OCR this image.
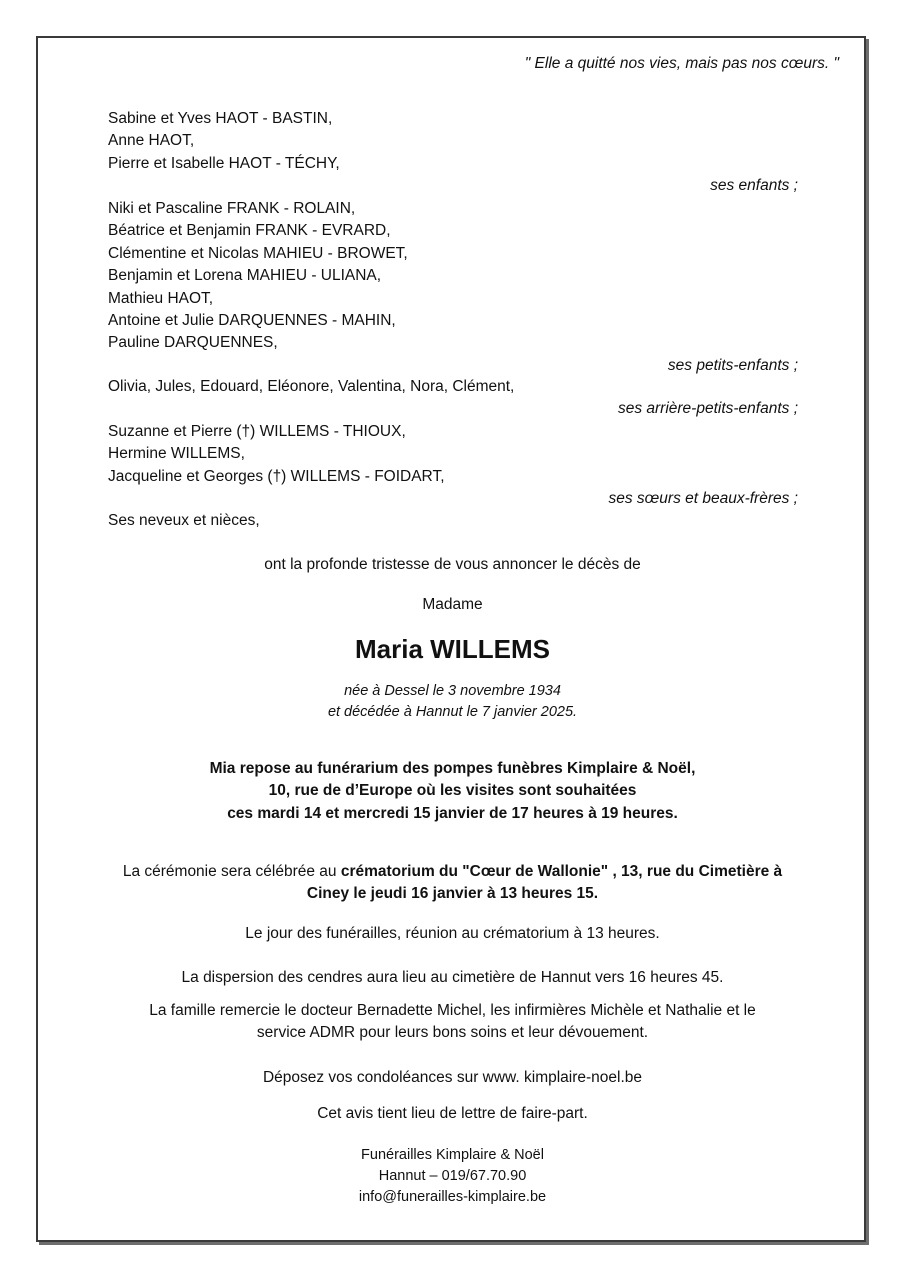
" Elle a quitté nos vies, mais pas nos cœurs. "
Sabine et Yves HAOT - BASTIN,
Anne HAOT,
Pierre et Isabelle HAOT - TÉCHY,
ses enfants ;
Niki et Pascaline FRANK - ROLAIN,
Béatrice et Benjamin FRANK - EVRARD,
Clémentine et Nicolas MAHIEU - BROWET,
Benjamin et Lorena MAHIEU - ULIANA,
Mathieu HAOT,
Antoine et Julie DARQUENNES - MAHIN,
Pauline DARQUENNES,
ses petits-enfants ;
Olivia, Jules, Edouard, Eléonore, Valentina, Nora, Clément,
ses arrière-petits-enfants ;
Suzanne et Pierre (†) WILLEMS - THIOUX,
Hermine WILLEMS,
Jacqueline et Georges (†) WILLEMS - FOIDART,
ses sœurs et beaux-frères ;
Ses neveux et nièces,
ont la profonde tristesse de vous annoncer le décès de
Madame
Maria WILLEMS
née à Dessel le 3 novembre 1934
et décédée à Hannut le 7 janvier 2025.
Mia repose au funérarium des pompes funèbres Kimplaire & Noël,
10, rue de d’Europe où les visites sont souhaitées
ces mardi 14 et mercredi 15 janvier de 17 heures à 19 heures.
La cérémonie sera célébrée au crématorium du "Cœur de Wallonie" , 13, rue du Cimetière à
Ciney le jeudi 16 janvier à 13 heures 15.
Le jour des funérailles, réunion au crématorium à 13 heures.
La dispersion des cendres aura lieu au cimetière de Hannut vers 16 heures 45.
La famille remercie le docteur Bernadette Michel, les infirmières Michèle et Nathalie et le
service ADMR pour leurs bons soins et leur dévouement.
Déposez vos condoléances sur www. kimplaire-noel.be
Cet avis tient lieu de lettre de faire-part.
Funérailles Kimplaire & Noël
Hannut – 019/67.70.90
info@funerailles-kimplaire.be
